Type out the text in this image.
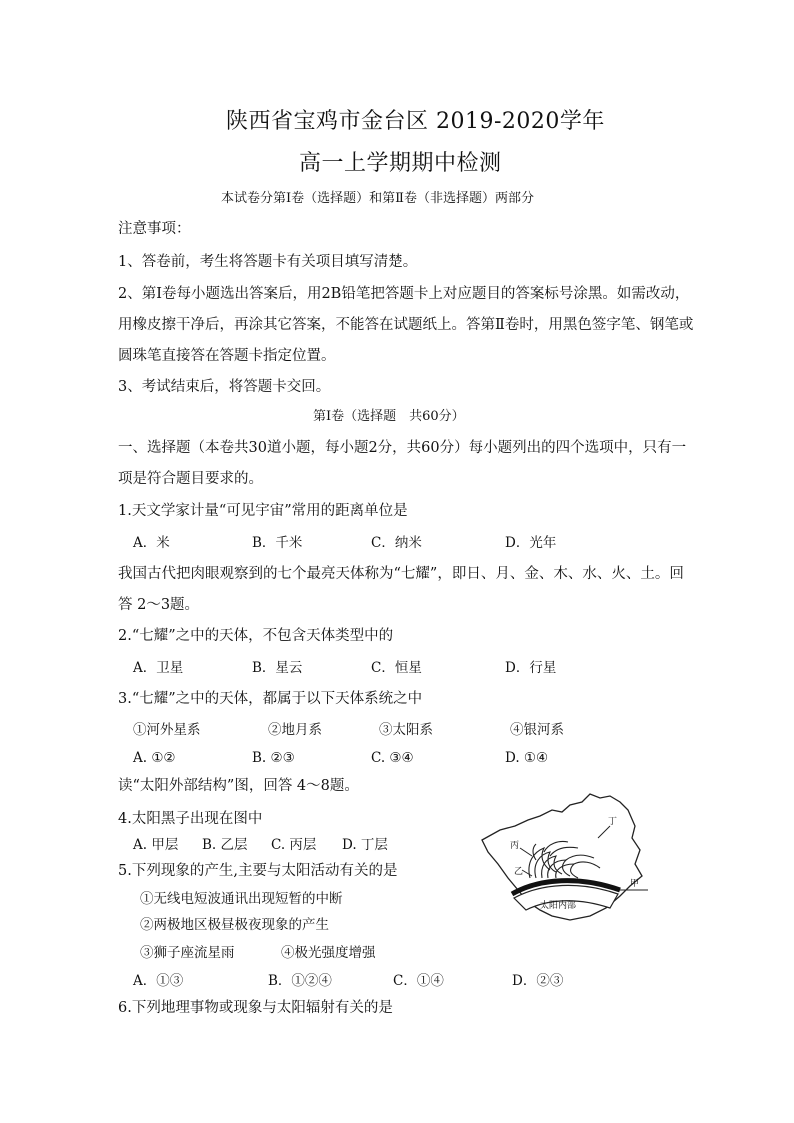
陕西省宝鸡市金台区 2019-2020学年
高一上学期期中检测
本试卷分第Ⅰ卷（选择题）和第Ⅱ卷（非选择题）两部分
注意事项：
1、答卷前，考生将答题卡有关项目填写清楚。
2、第Ⅰ卷每小题选出答案后，用2B铅笔把答题卡上对应题目的答案标号涂黑。如需改动，
用橡皮擦干净后，再涂其它答案，不能答在试题纸上。答第Ⅱ卷时，用黑色签字笔、钢笔或
圆珠笔直接答在答题卡指定位置。
3、考试结束后，将答题卡交回。
第Ⅰ卷（选择题　共60分）
一、选择题（本卷共30道小题，每小题2分，共60分）每小题列出的四个选项中，只有一
项是符合题目要求的。
1.天文学家计量“可见宇宙”常用的距离单位是
A．米	B．千米	C．纳米	D．光年
我国古代把肉眼观察到的七个最亮天体称为“七耀”，即日、月、金、木、水、火、土。回
答 2～3题。
2.“七耀”之中的天体，不包含天体类型中的
A．卫星	B．星云	C．恒星	D．行星
3.“七耀”之中的天体，都属于以下天体系统之中
①河外星系	②地月系	③太阳系	④银河系
A. ①②	B. ②③	C. ③④	D. ①④
读“太阳外部结构”图，回答 4～8题。
4.太阳黑子出现在图中
A. 甲层 B. 乙层 C. 丙层 D. 丁层
5.下列现象的产生,主要与太阳活动有关的是
①无线电短波通讯出现短暂的中断
②两极地区极昼极夜现象的产生
③狮子座流星雨	④极光强度增强
A．①③	B．①②④	C．①④	D．②③
6.下列地理事物或现象与太阳辐射有关的是
丁
丙
乙
甲
太阳内部
